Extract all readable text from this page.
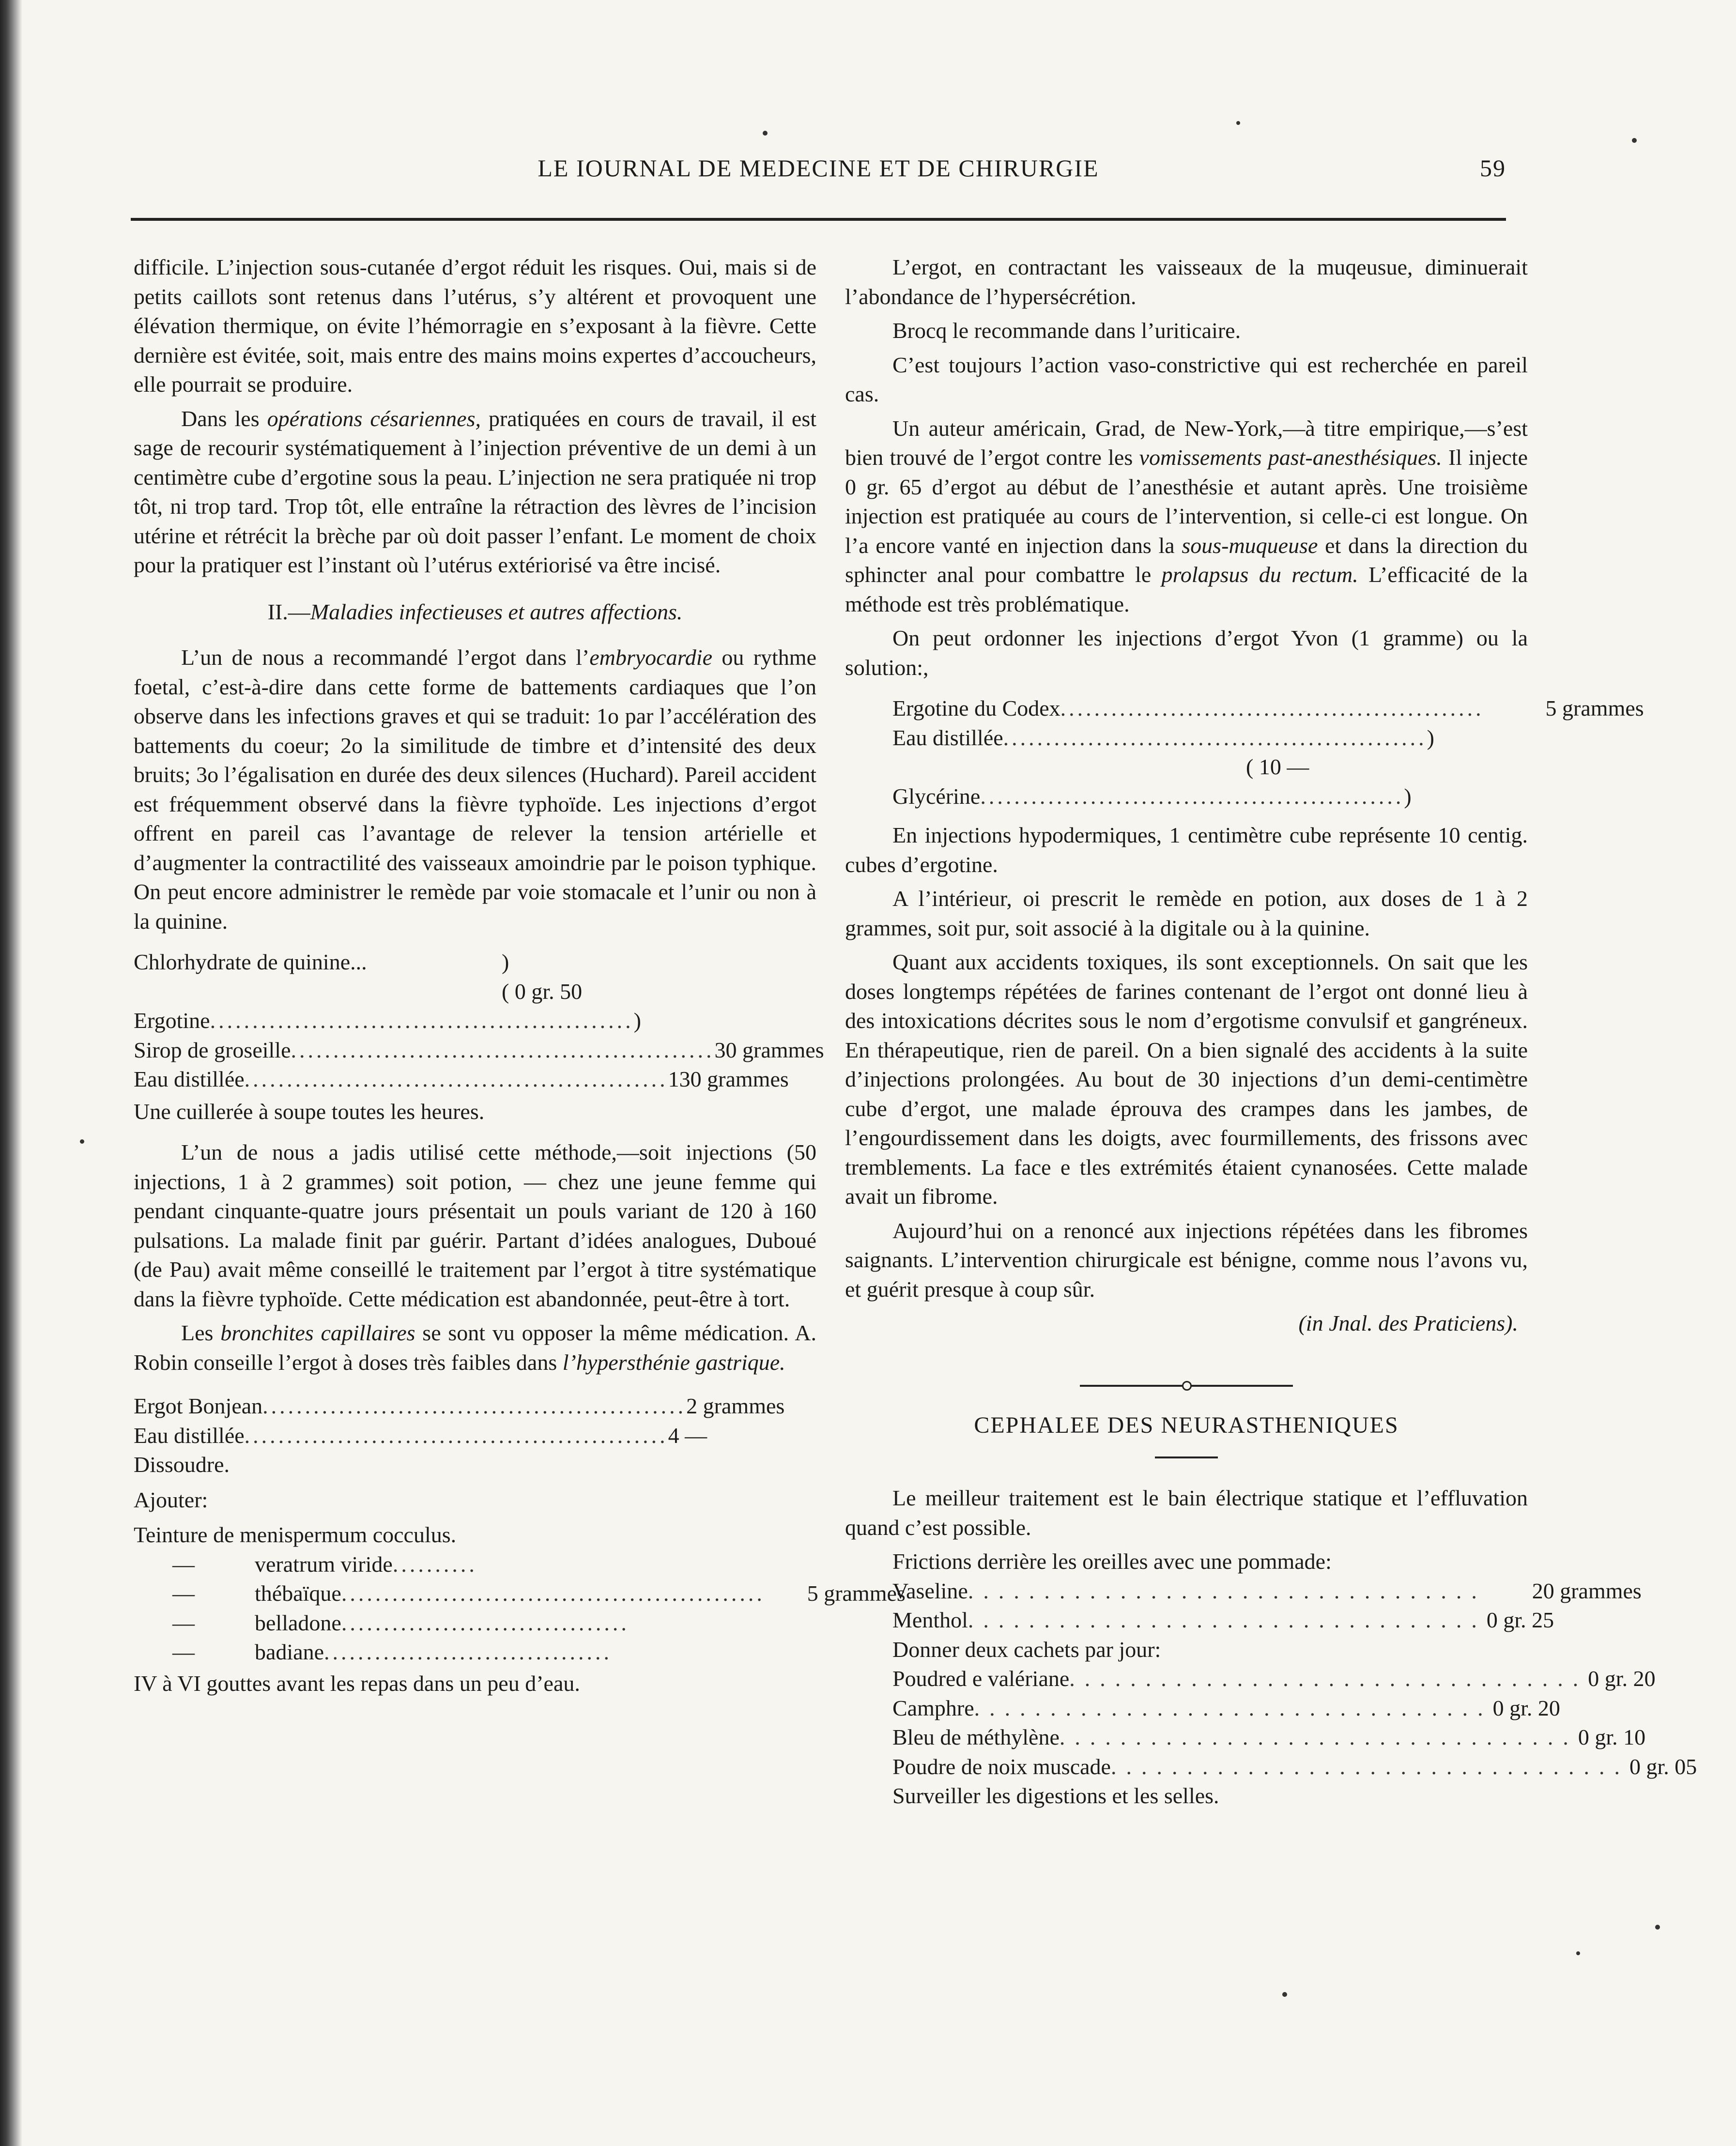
LE IOURNAL DE MEDECINE ET DE CHIRURGIE	59

difficile. L’injection sous-cutanée d’ergot réduit les risques. Oui, mais si de petits caillots sont retenus dans l’utérus, s’y altérent et provoquent une élévation thermique, on évite l’hémorragie en s’exposant à la fièvre. Cette dernière est évitée, soit, mais entre des mains moins expertes d’accoucheurs, elle pourrait se produire.

Dans les opérations césariennes, pratiquées en cours de travail, il est sage de recourir systématiquement à l’injection préventive de un demi à un centimètre cube d’ergotine sous la peau. L’injection ne sera pratiquée ni trop tôt, ni trop tard. Trop tôt, elle entraîne la rétraction des lèvres de l’incision utérine et rétrécit la brèche par où doit passer l’enfant. Le moment de choix pour la pratiquer est l’instant où l’utérus extériorisé va être incisé.

II.—Maladies infectieuses et autres affections.

L’un de nous a recommandé l’ergot dans l’embryocardie ou rythme foetal, c’est-à-dire dans cette forme de battements cardiaques que l’on observe dans les infections graves et qui se traduit: 1o par l’accélération des battements du coeur; 2o la similitude de timbre et d’intensité des deux bruits; 3o l’égalisation en durée des deux silences (Huchard). Pareil accident est fréquemment observé dans la fièvre typhoïde. Les injections d’ergot offrent en pareil cas l’avantage de relever la tension artérielle et d’augmenter la contractilité des vaisseaux amoindrie par le poison typhique. On peut encore administrer le remède par voie stomacale et l’unir ou non à la quinine.

Chlorhydrate de quinine...	)
( 0 gr. 50
Ergotine .................................................. )
Sirop de groseille .................................................. 30 grammes
Eau distillée .................................................. 130 grammes

Une cuillerée à soupe toutes les heures.

L’un de nous a jadis utilisé cette méthode,—soit injections (50 injections, 1 à 2 grammes) soit potion, — chez une jeune femme qui pendant cinquante-quatre jours présentait un pouls variant de 120 à 160 pulsations. La malade finit par guérir. Partant d’idées analogues, Duboué (de Pau) avait même conseillé le traitement par l’ergot à titre systématique dans la fièvre typhoïde. Cette médication est abandonnée, peut-être à tort.

Les bronchites capillaires se sont vu opposer la même médication. A. Robin conseille l’ergot à doses très faibles dans l’hypersthénie gastrique.

Ergot Bonjean .................................................. 2 grammes
Eau distillée .................................................. 4 —
Dissoudre.
Ajouter:
Teinture de menispermum cocculus.
—	veratrum viride ..........
—	thébaïque ..................................................	5 grammes
—	belladone ..................................
—	badiane ..................................

IV à VI gouttes avant les repas dans un peu d’eau.

L’ergot, en contractant les vaisseaux de la muqeusue, diminuerait l’abondance de l’hypersécrétion.

Brocq le recommande dans l’uriticaire.

C’est toujours l’action vaso-constrictive qui est recherchée en pareil cas.

Un auteur américain, Grad, de New-York,—à titre empirique,—s’est bien trouvé de l’ergot contre les vomissements past-anesthésiques. Il injecte 0 gr. 65 d’ergot au début de l’anesthésie et autant après. Une troisième injection est pratiquée au cours de l’intervention, si celle-ci est longue. On l’a encore vanté en injection dans la sous-muqueuse et dans la direction du sphincter anal pour combattre le prolapsus du rectum. L’efficacité de la méthode est très problématique.

On peut ordonner les injections d’ergot Yvon (1 gramme) ou la solution:,

Ergotine du Codex ..................................................	5 grammes
Eau distillée .................................................. )
( 10 —
Glycérine .................................................. )

En injections hypodermiques, 1 centimètre cube représente 10 centig. cubes d’ergotine.

A l’intérieur, oi prescrit le remède en potion, aux doses de 1 à 2 grammes, soit pur, soit associé à la digitale ou à la quinine.

Quant aux accidents toxiques, ils sont exceptionnels. On sait que les doses longtemps répétées de farines contenant de l’ergot ont donné lieu à des intoxications décrites sous le nom d’ergotisme convulsif et gangréneux. En thérapeutique, rien de pareil. On a bien signalé des accidents à la suite d’injections prolongées. Au bout de 30 injections d’un demi-centimètre cube d’ergot, une malade éprouva des crampes dans les jambes, de l’engourdissement dans les doigts, avec fourmillements, des frissons avec tremblements. La face e tles extrémités étaient cynanosées. Cette malade avait un fibrome.

Aujourd’hui on a renoncé aux injections répétées dans les fibromes saignants. L’intervention chirurgicale est bénigne, comme nous l’avons vu, et guérit presque à coup sûr.

(in Jnal. des Praticiens).
CEPHALEE DES NEURASTHENIQUES

Le meilleur traitement est le bain électrique statique et l’effluvation quand c’est possible.

Frictions derrière les oreilles avec une pommade:
Vaseline ..................................	20 grammes
Menthol .................................. 0 gr. 25
Donner deux cachets par jour:
Poudred e valériane .................................. 0 gr. 20
Camphre .................................. 0 gr. 20
Bleu de méthylène .................................. 0 gr. 10
Poudre de noix muscade .................................. 0 gr. 05
Surveiller les digestions et les selles.
